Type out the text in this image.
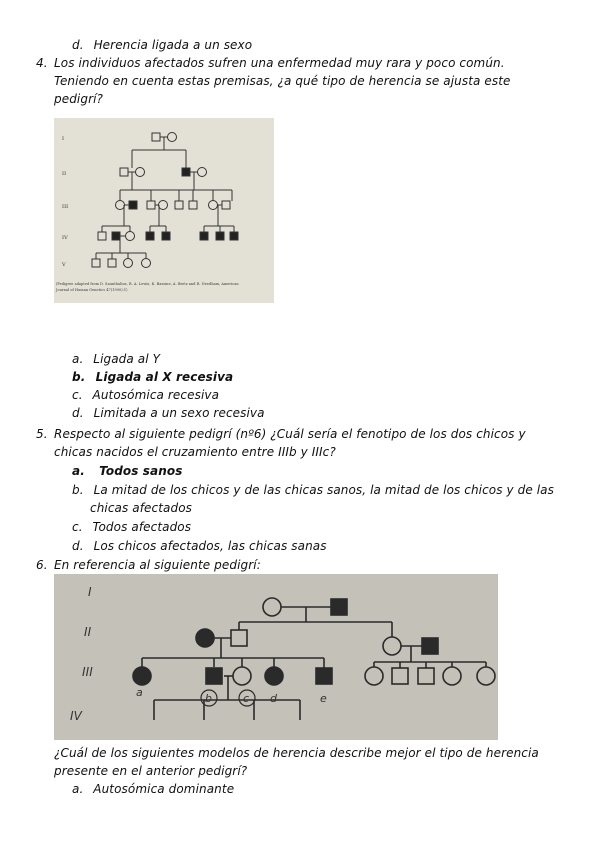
d. Herencia ligada a un sexo
4. Los individuos afectados sufren una enfermedad muy rara y poco común.
Teniendo en cuenta estas premisas, ¿a qué tipo de herencia se ajusta este
pedigrí?
I
II
III
IV
V
(Pedigree adapted from D. Saunthalius, R. A. Lewis, K. Bassine, A. Bretz and R. Needham, American
Journal of Human Genetics 47(1990):1)
a. Ligada al Y
b. Ligada al X recesiva
c. Autosómica recesiva
d. Limitada a un sexo recesiva
5. Respecto al siguiente pedigrí (nº6) ¿Cuál sería el fenotipo de los dos chicos y
chicas nacidos el cruzamiento entre IIIb y IIIc?
a. Todos sanos
b. La mitad de los chicos y de las chicas sanos, la mitad de los chicos y de las
chicas afectados
c. Todos afectados
d. Los chicos afectados, las chicas sanas
6. En referencia al siguiente pedigrí:
I
II
III
IV
a	b	c d	e
¿Cuál de los siguientes modelos de herencia describe mejor el tipo de herencia
presente en el anterior pedigrí?
a. Autosómica dominante
